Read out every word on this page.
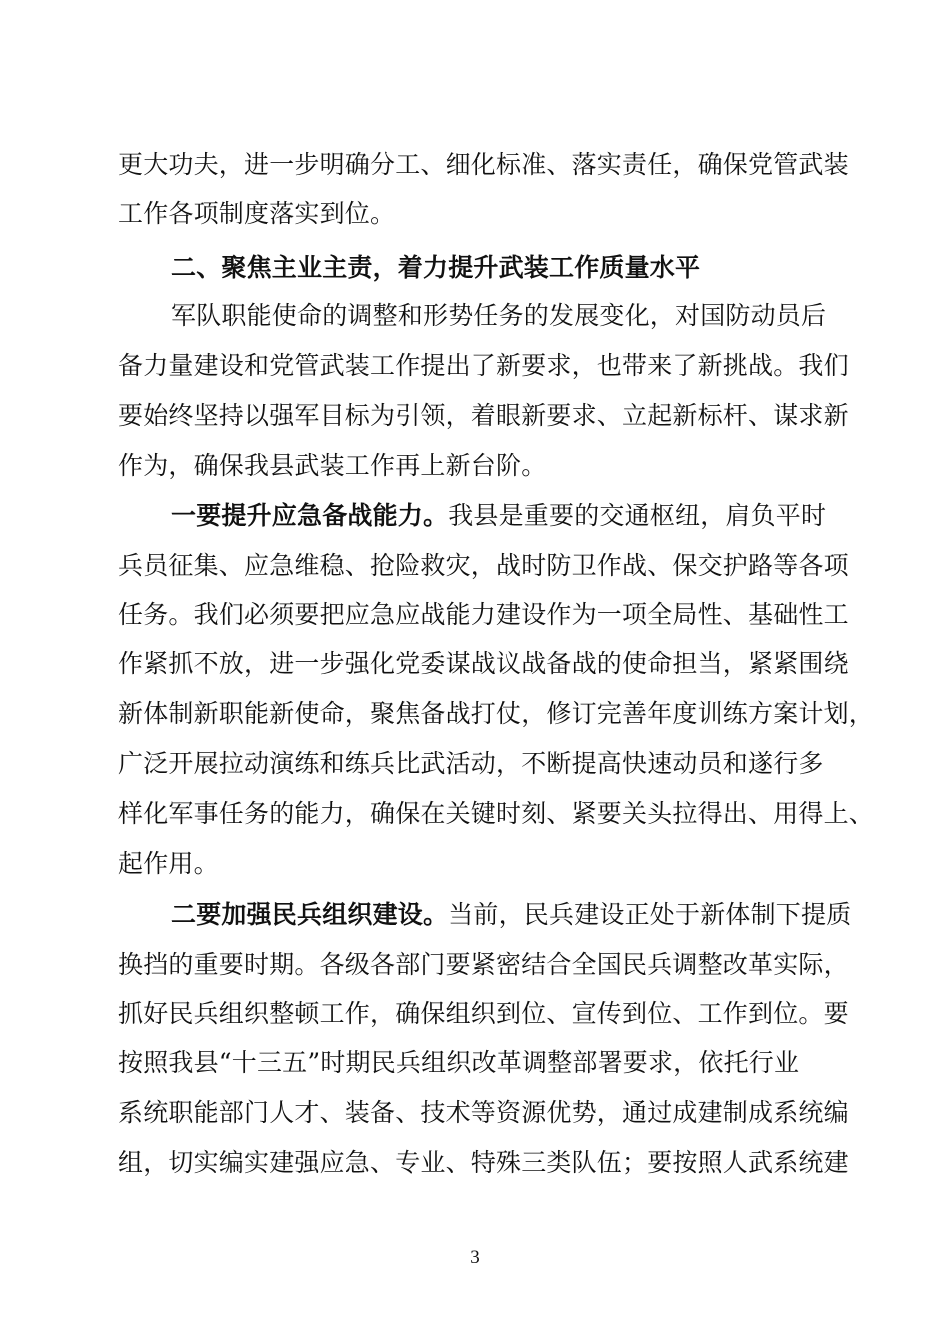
更大功夫，进一步明确分工、细化标准、落实责任，确保党管武装
工作各项制度落实到位。
二、聚焦主业主责，着力提升武装工作质量水平
军队职能使命的调整和形势任务的发展变化，对国防动员后
备力量建设和党管武装工作提出了新要求，也带来了新挑战。我们
要始终坚持以强军目标为引领，着眼新要求、立起新标杆、谋求新
作为，确保我县武装工作再上新台阶。
一要提升应急备战能力。我县是重要的交通枢纽，肩负平时
兵员征集、应急维稳、抢险救灾，战时防卫作战、保交护路等各项
任务。我们必须要把应急应战能力建设作为一项全局性、基础性工
作紧抓不放，进一步强化党委谋战议战备战的使命担当，紧紧围绕
新体制新职能新使命，聚焦备战打仗，修订完善年度训练方案计划，
广泛开展拉动演练和练兵比武活动，不断提高快速动员和遂行多
样化军事任务的能力，确保在关键时刻、紧要关头拉得出、用得上、
起作用。
二要加强民兵组织建设。当前，民兵建设正处于新体制下提质
换挡的重要时期。各级各部门要紧密结合全国民兵调整改革实际，
抓好民兵组织整顿工作，确保组织到位、宣传到位、工作到位。要
按照我县“十三五”时期民兵组织改革调整部署要求，依托行业
系统职能部门人才、装备、技术等资源优势，通过成建制成系统编
组，切实编实建强应急、专业、特殊三类队伍；要按照人武系统建
3
